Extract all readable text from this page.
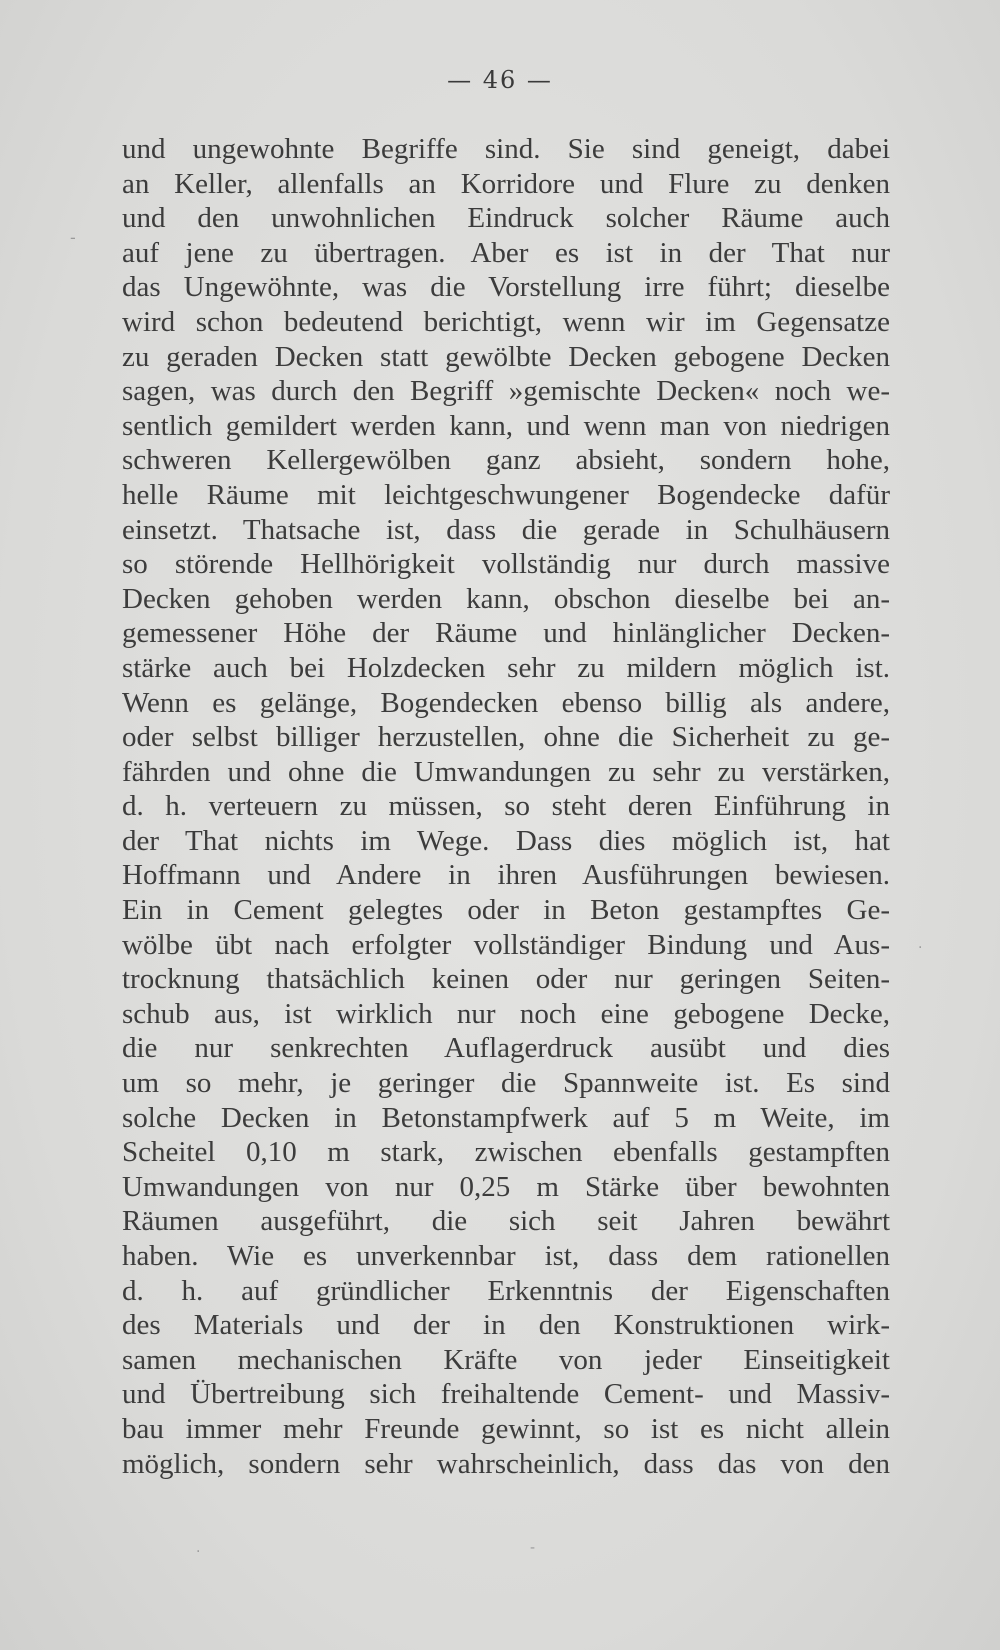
— 46 —
und ungewohnte Begriffe sind. Sie sind geneigt, dabei
an Keller, allenfalls an Korridore und Flure zu denken
und den unwohnlichen Eindruck solcher Räume auch
auf jene zu übertragen. Aber es ist in der That nur
das Ungewöhnte, was die Vorstellung irre führt; dieselbe
wird schon bedeutend berichtigt, wenn wir im Gegensatze
zu geraden Decken statt gewölbte Decken gebogene Decken
sagen, was durch den Begriff »gemischte Decken« noch we-
sentlich gemildert werden kann, und wenn man von niedrigen
schweren Kellergewölben ganz absieht, sondern hohe,
helle Räume mit leichtgeschwungener Bogendecke dafür
einsetzt. Thatsache ist, dass die gerade in Schulhäusern
so störende Hellhörigkeit vollständig nur durch massive
Decken gehoben werden kann, obschon dieselbe bei an-
gemessener Höhe der Räume und hinlänglicher Decken-
stärke auch bei Holzdecken sehr zu mildern möglich ist.
Wenn es gelänge, Bogendecken ebenso billig als andere,
oder selbst billiger herzustellen, ohne die Sicherheit zu ge-
fährden und ohne die Umwandungen zu sehr zu verstärken,
d. h. verteuern zu müssen, so steht deren Einführung in
der That nichts im Wege. Dass dies möglich ist, hat
Hoffmann und Andere in ihren Ausführungen bewiesen.
Ein in Cement gelegtes oder in Beton gestampftes Ge-
wölbe übt nach erfolgter vollständiger Bindung und Aus-
trocknung thatsächlich keinen oder nur geringen Seiten-
schub aus, ist wirklich nur noch eine gebogene Decke,
die nur senkrechten Auflagerdruck ausübt und dies
um so mehr, je geringer die Spannweite ist. Es sind
solche Decken in Betonstampfwerk auf 5 m Weite, im
Scheitel 0,10 m stark, zwischen ebenfalls gestampften
Umwandungen von nur 0,25 m Stärke über bewohnten
Räumen ausgeführt, die sich seit Jahren bewährt
haben. Wie es unverkennbar ist, dass dem rationellen
d. h. auf gründlicher Erkenntnis der Eigenschaften
des Materials und der in den Konstruktionen wirk-
samen mechanischen Kräfte von jeder Einseitigkeit
und Übertreibung sich freihaltende Cement- und Massiv-
bau immer mehr Freunde gewinnt, so ist es nicht allein
möglich, sondern sehr wahrscheinlich, dass das von den
-
·
·	-
